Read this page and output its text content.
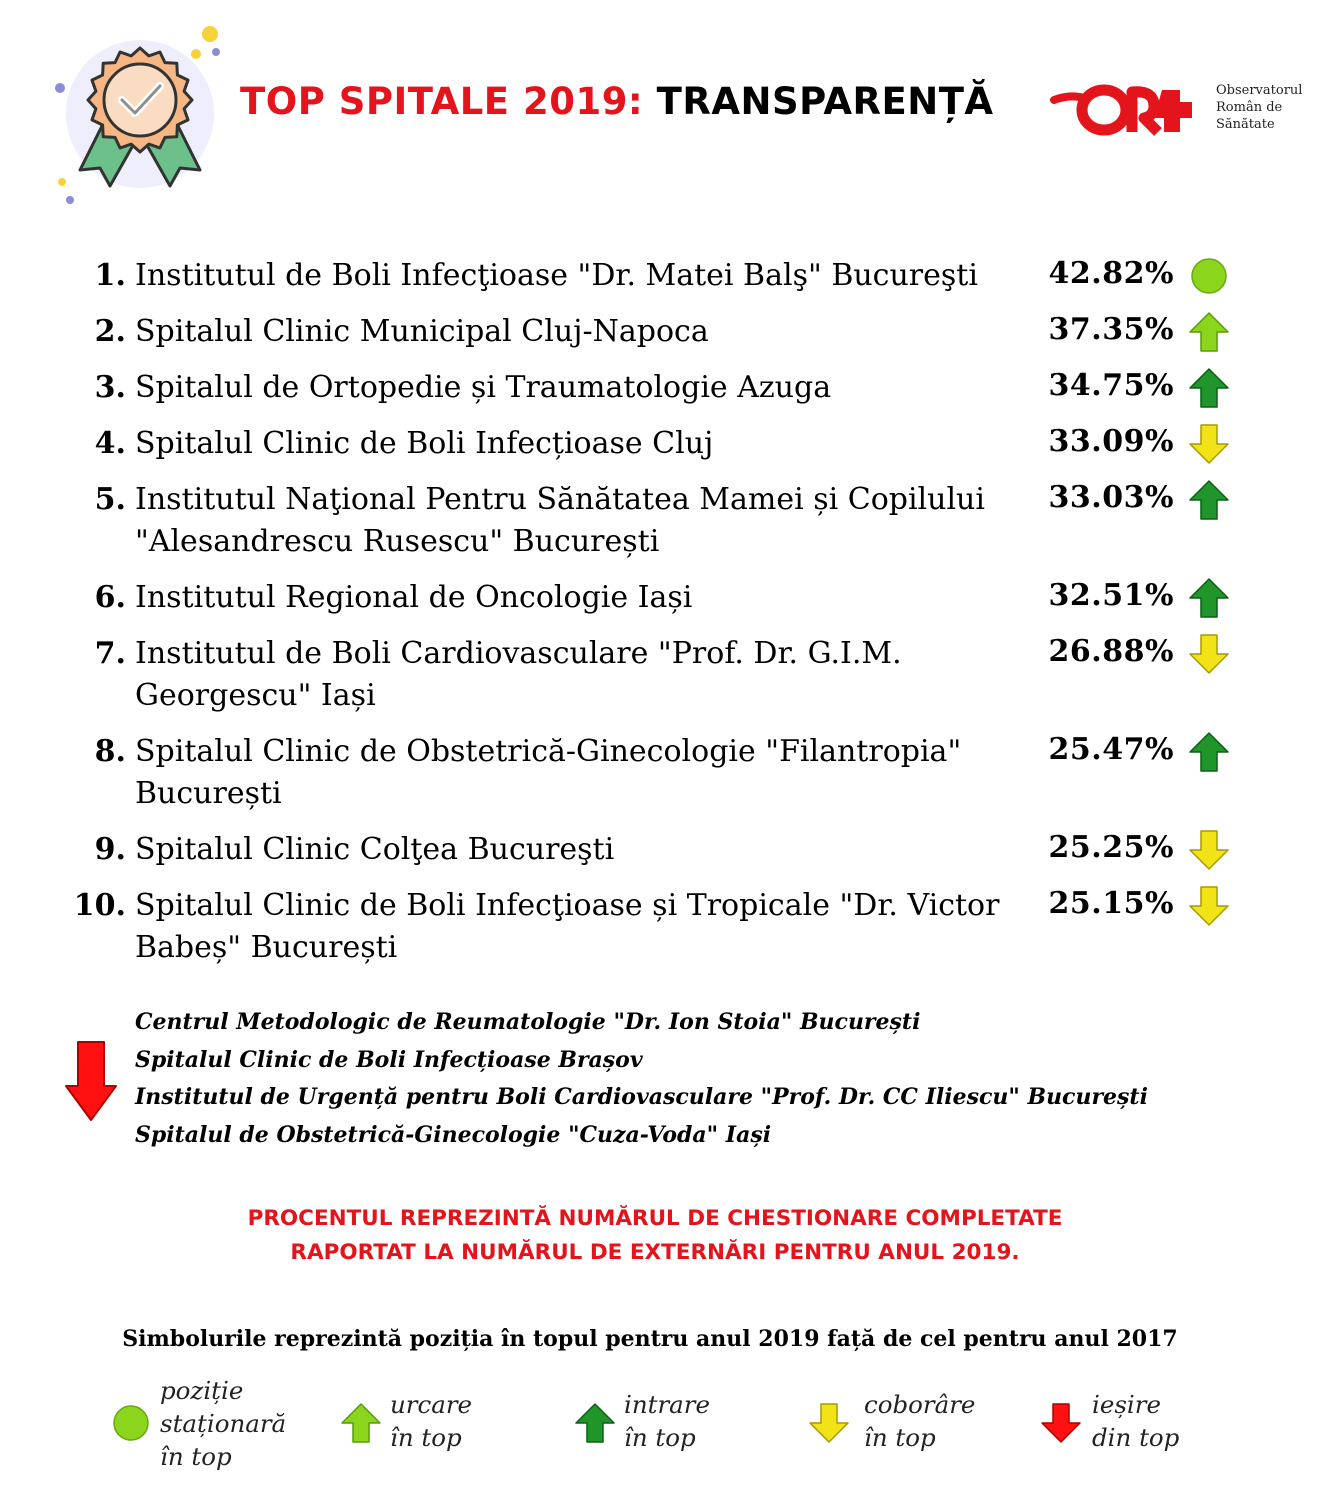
TOP SPITALE 2019: TRANSPARENȚĂ	Observatorul
Român de
Sănătate
1. Institutul de Boli Infecţioase "Dr. Matei Balş" Bucureşti	42.82%
2. Spitalul Clinic Municipal Cluj-Napoca	37.35%
3. Spitalul de Ortopedie și Traumatologie Azuga	34.75%
4. Spitalul Clinic de Boli Infecțioase Cluj	33.09%
5. Institutul Naţional Pentru Sănătatea Mamei și Copilului "Alesandrescu Rusescu" București
33.03%
6. Institutul Regional de Oncologie Iași	32.51%
7. Institutul de Boli Cardiovasculare "Prof. Dr. G.I.M. Georgescu" Iași
26.88%
8. Spitalul Clinic de Obstetrică-Ginecologie "Filantropia" București
25.47%
9. Spitalul Clinic Colţea Bucureşti	25.25%
10. Spitalul Clinic de Boli Infecţioase și Tropicale "Dr. Victor Babeș" București
25.15%
Centrul Metodologic de Reumatologie "Dr. Ion Stoia" București
Spitalul Clinic de Boli Infecțioase Brașov
Institutul de Urgență pentru Boli Cardiovasculare "Prof. Dr. CC Iliescu" București
Spitalul de Obstetrică-Ginecologie "Cuza-Voda" Iași
PROCENTUL REPREZINTĂ NUMĂRUL DE CHESTIONARE COMPLETATE
RAPORTAT LA NUMĂRUL DE EXTERNĂRI PENTRU ANUL 2019.
Simbolurile reprezintă poziția în topul pentru anul 2019 față de cel pentru anul 2017
poziție
staționară
în top
urcare
în top
intrare
în top
coborâre
în top
ieșire
din top
